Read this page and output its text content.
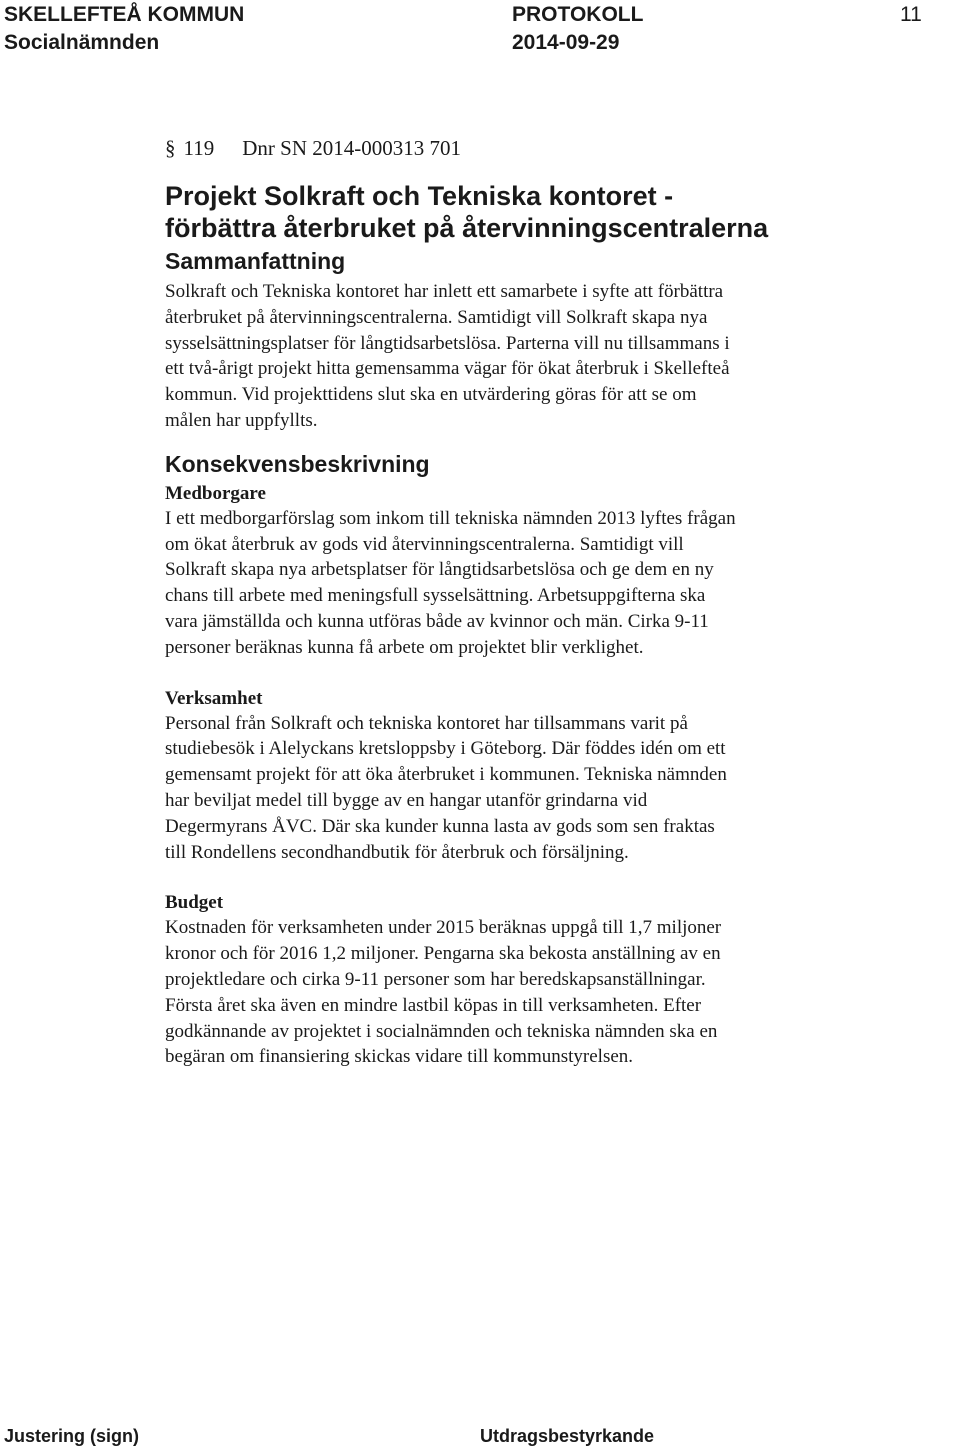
SKELLEFTEÅ KOMMUN
Socialnämnden
PROTOKOLL
2014-09-29
11
§ 119 Dnr SN 2014-000313 701
Projekt Solkraft och Tekniska kontoret -
förbättra återbruket på återvinningscentralerna
Sammanfattning

Solkraft och Tekniska kontoret har inlett ett samarbete i syfte att förbättra
återbruket på återvinningscentralerna. Samtidigt vill Solkraft skapa nya
sysselsättningsplatser för långtidsarbetslösa. Parterna vill nu tillsammans i
ett två-årigt projekt hitta gemensamma vägar för ökat återbruk i Skellefteå
kommun. Vid projekttidens slut ska en utvärdering göras för att se om
målen har uppfyllts.

Konsekvensbeskrivning
Medborgare

I ett medborgarförslag som inkom till tekniska nämnden 2013 lyftes frågan
om ökat återbruk av gods vid återvinningscentralerna. Samtidigt vill
Solkraft skapa nya arbetsplatser för långtidsarbetslösa och ge dem en ny
chans till arbete med meningsfull sysselsättning. Arbetsuppgifterna ska
vara jämställda och kunna utföras både av kvinnor och män. Cirka 9-11
personer beräknas kunna få arbete om projektet blir verklighet.

Verksamhet

Personal från Solkraft och tekniska kontoret har tillsammans varit på
studiebesök i Alelyckans kretsloppsby i Göteborg. Där föddes idén om ett
gemensamt projekt för att öka återbruket i kommunen. Tekniska nämnden
har beviljat medel till bygge av en hangar utanför grindarna vid
Degermyrans ÅVC. Där ska kunder kunna lasta av gods som sen fraktas
till Rondellens secondhandbutik för återbruk och försäljning.

Budget

Kostnaden för verksamheten under 2015 beräknas uppgå till 1,7 miljoner
kronor och för 2016 1,2 miljoner. Pengarna ska bekosta anställning av en
projektledare och cirka 9-11 personer som har beredskapsanställningar.
Första året ska även en mindre lastbil köpas in till verksamheten. Efter
godkännande av projektet i socialnämnden och tekniska nämnden ska en
begäran om finansiering skickas vidare till kommunstyrelsen.

Justering (sign)	Utdragsbestyrkande
